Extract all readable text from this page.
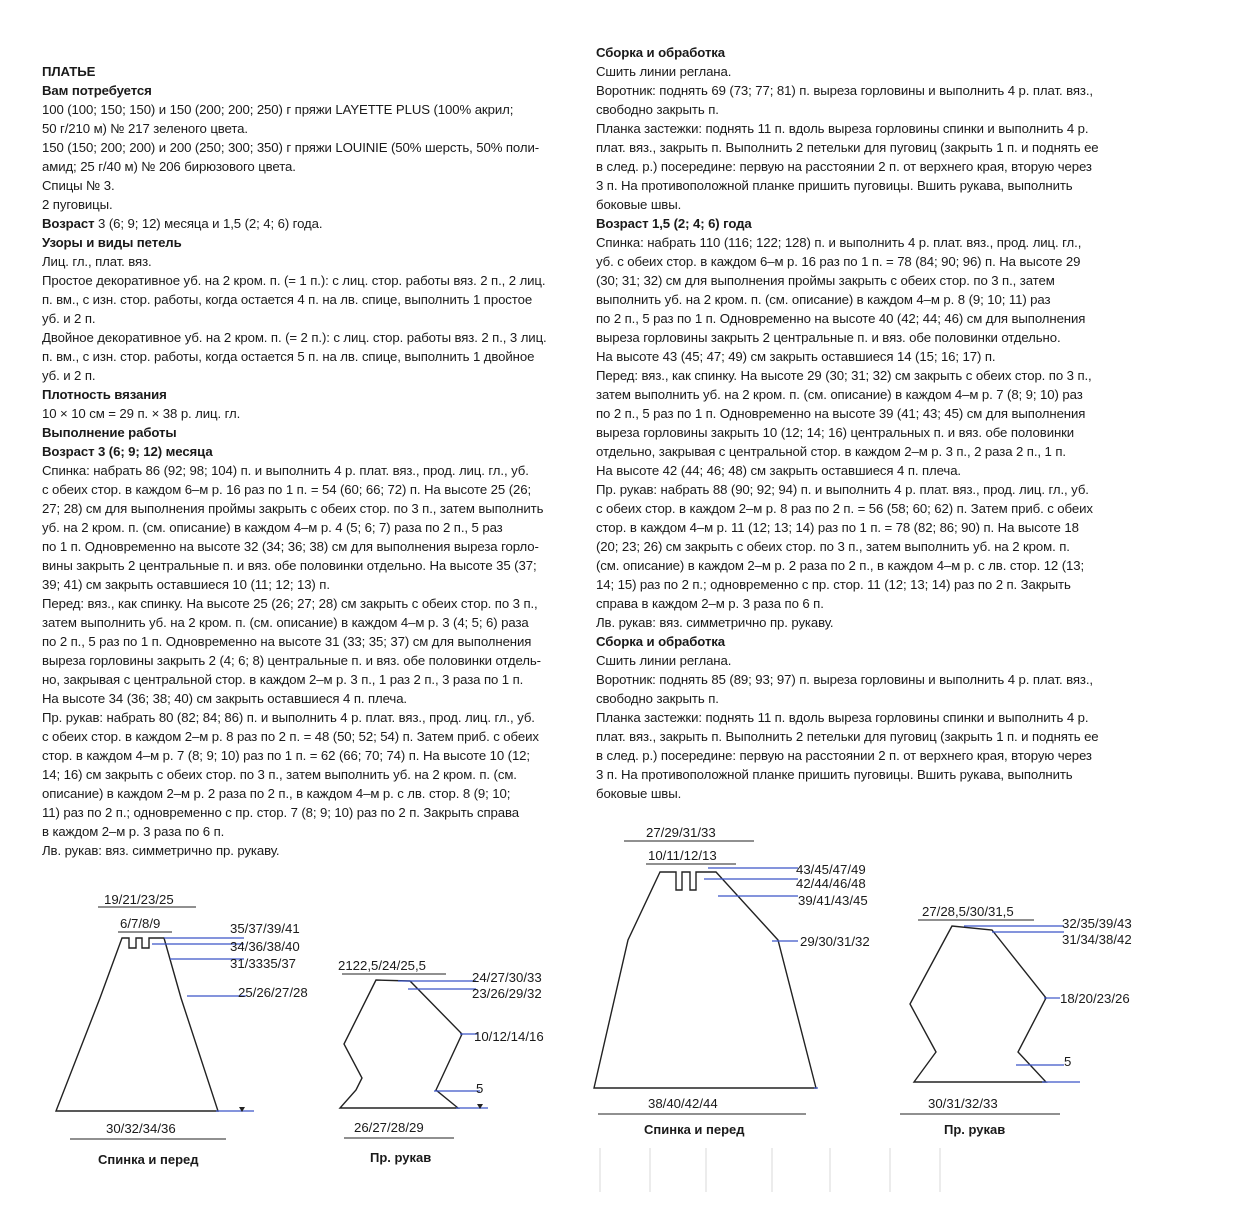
ПЛАТЬЕ
Вам потребуется
100 (100; 150; 150) и 150 (200; 200; 250) г пряжи LAYETTE PLUS (100% акрил;
50 г/210 м) № 217 зеленого цвета.
150 (150; 200; 200) и 200 (250; 300; 350) г пряжи LOUINIE (50% шерсть, 50% поли-
амид; 25 г/40 м) № 206 бирюзового цвета.
Спицы № 3.
2 пуговицы.
Возраст 3 (6; 9; 12) месяца и 1,5 (2; 4; 6) года.
Узоры и виды петель
Лиц. гл., плат. вяз.
Простое декоративное уб. на 2 кром. п. (= 1 п.): с лиц. стор. работы вяз. 2 п., 2 лиц.
п. вм., с изн. стор. работы, когда остается 4 п. на лв. спице, выполнить 1 простое
уб. и 2 п.
Двойное декоративное уб. на 2 кром. п. (= 2 п.): с лиц. стор. работы вяз. 2 п., 3 лиц.
п. вм., с изн. стор. работы, когда остается 5 п. на лв. спице, выполнить 1 двойное
уб. и 2 п.
Плотность вязания
10 × 10 см = 29 п. × 38 р. лиц. гл.
Выполнение работы
Возраст 3 (6; 9; 12) месяца
Спинка: набрать 86 (92; 98; 104) п. и выполнить 4 р. плат. вяз., прод. лиц. гл., уб.
с обеих стор. в каждом 6–м р. 16 раз по 1 п. = 54 (60; 66; 72) п. На высоте 25 (26;
27; 28) см для выполнения проймы закрыть с обеих стор. по 3 п., затем выполнить
уб. на 2 кром. п. (см. описание) в каждом 4–м р. 4 (5; 6; 7) раза по 2 п., 5 раз
по 1 п. Одновременно на высоте 32 (34; 36; 38) см для выполнения выреза горло-
вины закрыть 2 центральные п. и вяз. обе половинки отдельно. На высоте 35 (37;
39; 41) см закрыть оставшиеся 10 (11; 12; 13) п.
Перед: вяз., как спинку. На высоте 25 (26; 27; 28) см закрыть с обеих стор. по 3 п.,
затем выполнить уб. на 2 кром. п. (см. описание) в каждом 4–м р. 3 (4; 5; 6) раза
по 2 п., 5 раз по 1 п. Одновременно на высоте 31 (33; 35; 37) см для выполнения
выреза горловины закрыть 2 (4; 6; 8) центральные п. и вяз. обе половинки отдель-
но, закрывая с центральной стор. в каждом 2–м р. 3 п., 1 раз 2 п., 3 раза по 1 п.
На высоте 34 (36; 38; 40) см закрыть оставшиеся 4 п. плеча.
Пр. рукав: набрать 80 (82; 84; 86) п. и выполнить 4 р. плат. вяз., прод. лиц. гл., уб.
с обеих стор. в каждом 2–м р. 8 раз по 2 п. = 48 (50; 52; 54) п. Затем приб. с обеих
стор. в каждом 4–м р. 7 (8; 9; 10) раз по 1 п. = 62 (66; 70; 74) п. На высоте 10 (12;
14; 16) см закрыть с обеих стор. по 3 п., затем выполнить уб. на 2 кром. п. (см.
описание) в каждом 2–м р. 2 раза по 2 п., в каждом 4–м р. с лв. стор. 8 (9; 10;
11) раз по 2 п.; одновременно с пр. стор. 7 (8; 9; 10) раз по 2 п. Закрыть справа
в каждом 2–м р. 3 раза по 6 п.
Лв. рукав: вяз. симметрично пр. рукаву.
Сборка и обработка
Сшить линии реглана.
Воротник: поднять 69 (73; 77; 81) п. выреза горловины и выполнить 4 р. плат. вяз.,
свободно закрыть п.
Планка застежки: поднять 11 п. вдоль выреза горловины спинки и выполнить 4 р.
плат. вяз., закрыть п. Выполнить 2 петельки для пуговиц (закрыть 1 п. и поднять ее
в след. р.) посередине: первую на расстоянии 2 п. от верхнего края, вторую через
3 п. На противоположной планке пришить пуговицы. Вшить рукава, выполнить
боковые швы.
Возраст 1,5 (2; 4; 6) года
Спинка: набрать 110 (116; 122; 128) п. и выполнить 4 р. плат. вяз., прод. лиц. гл.,
уб. с обеих стор. в каждом 6–м р. 16 раз по 1 п. = 78 (84; 90; 96) п. На высоте 29
(30; 31; 32) см для выполнения проймы закрыть с обеих стор. по 3 п., затем
выполнить уб. на 2 кром. п. (см. описание) в каждом 4–м р. 8 (9; 10; 11) раз
по 2 п., 5 раз по 1 п. Одновременно на высоте 40 (42; 44; 46) см для выполнения
выреза горловины закрыть 2 центральные п. и вяз. обе половинки отдельно.
На высоте 43 (45; 47; 49) см закрыть оставшиеся 14 (15; 16; 17) п.
Перед: вяз., как спинку. На высоте 29 (30; 31; 32) см закрыть с обеих стор. по 3 п.,
затем выполнить уб. на 2 кром. п. (см. описание) в каждом 4–м р. 7 (8; 9; 10) раз
по 2 п., 5 раз по 1 п. Одновременно на высоте 39 (41; 43; 45) см для выполнения
выреза горловины закрыть 10 (12; 14; 16) центральных п. и вяз. обе половинки
отдельно, закрывая с центральной стор. в каждом 2–м р. 3 п., 2 раза 2 п., 1 п.
На высоте 42 (44; 46; 48) см закрыть оставшиеся 4 п. плеча.
Пр. рукав: набрать 88 (90; 92; 94) п. и выполнить 4 р. плат. вяз., прод. лиц. гл., уб.
с обеих стор. в каждом 2–м р. 8 раз по 2 п. = 56 (58; 60; 62) п. Затем приб. с обеих
стор. в каждом 4–м р. 11 (12; 13; 14) раз по 1 п. = 78 (82; 86; 90) п. На высоте 18
(20; 23; 26) см закрыть с обеих стор. по 3 п., затем выполнить уб. на 2 кром. п.
(см. описание) в каждом 2–м р. 2 раза по 2 п., в каждом 4–м р. с лв. стор. 12 (13;
14; 15) раз по 2 п.; одновременно с пр. стор. 11 (12; 13; 14) раз по 2 п. Закрыть
справа в каждом 2–м р. 3 раза по 6 п.
Лв. рукав: вяз. симметрично пр. рукаву.
Сборка и обработка
Сшить линии реглана.
Воротник: поднять 85 (89; 93; 97) п. выреза горловины и выполнить 4 р. плат. вяз.,
свободно закрыть п.
Планка застежки: поднять 11 п. вдоль выреза горловины спинки и выполнить 4 р.
плат. вяз., закрыть п. Выполнить 2 петельки для пуговиц (закрыть 1 п. и поднять ее
в след. р.) посередине: первую на расстоянии 2 п. от верхнего края, вторую через
3 п. На противоположной планке пришить пуговицы. Вшить рукава, выполнить
боковые швы.
19/21/23/25
6/7/8/9	35/37/39/41
34/36/38/40
31/3335/37
25/26/27/28
30/32/34/36
Спинка и перед
2122,5/24/25,5
24/27/30/33
23/26/29/32
10/12/14/16
5
26/27/28/29
Пр. рукав
27/29/31/33
10/11/12/13
43/45/47/49
42/44/46/48
39/41/43/45
29/30/31/32
38/40/42/44
Спинка и перед
27/28,5/30/31,5
32/35/39/43
31/34/38/42
18/20/23/26
5
30/31/32/33
Пр. рукав
